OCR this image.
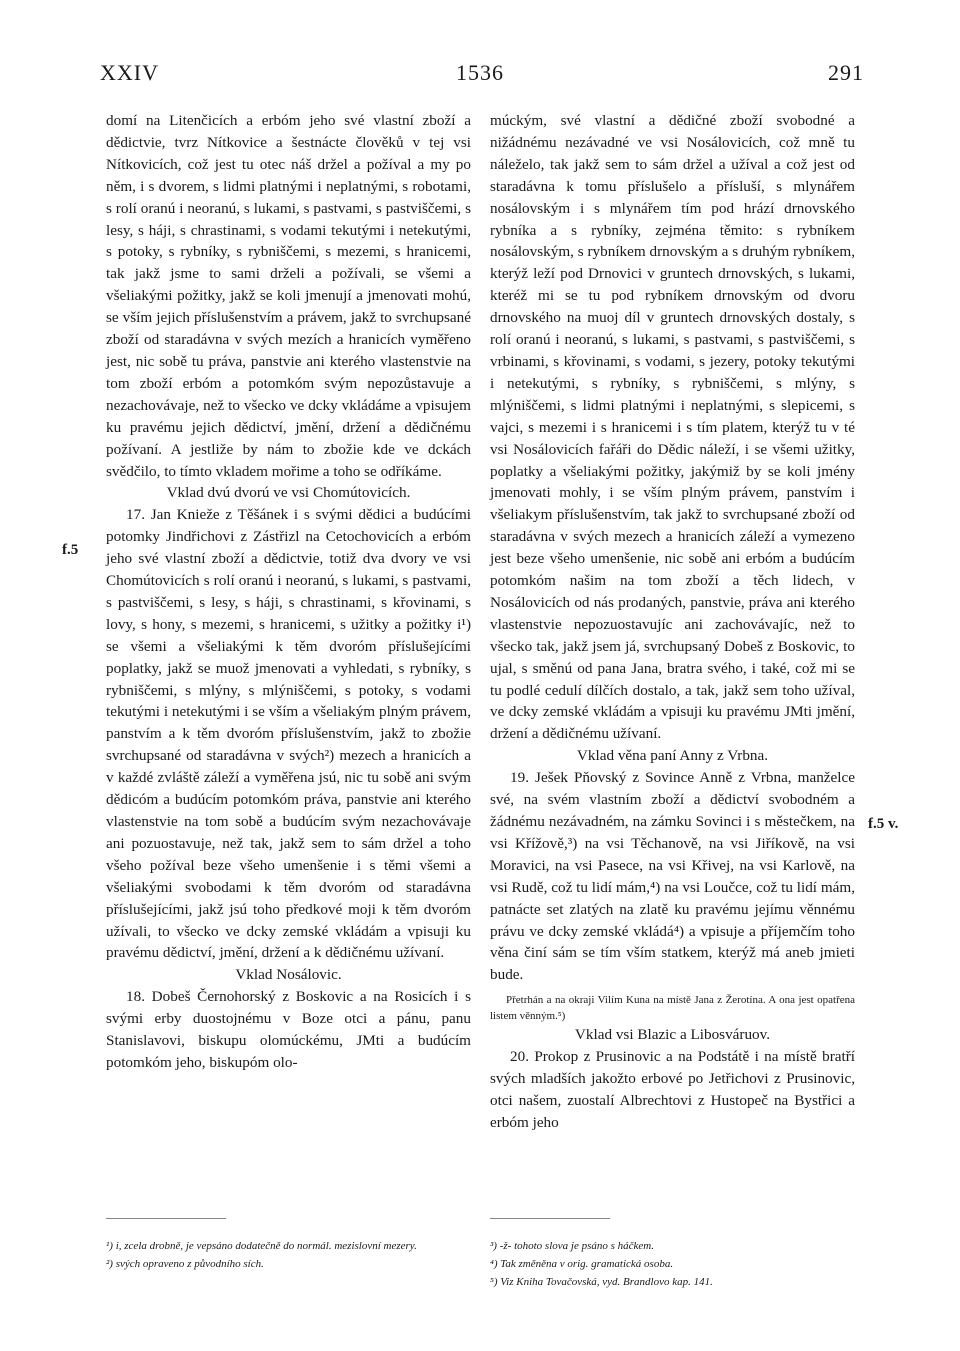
XXIV	1536	291
f.5
f.5 v.

domí na Litenčicích a erbóm jeho své vlastní zboží a dědictvie, tvrz Nítkovice a šestnácte člověků v tej vsi Nítkovicích, což jest tu otec náš držel a požíval a my po něm, i s dvorem, s lidmi platnými i neplatnými, s robotami, s rolí oranú i neoranú, s lukami, s pastvami, s pastviščemi, s lesy, s háji, s chrastinami, s vodami tekutými i netekutými, s potoky, s rybníky, s rybniščemi, s mezemi, s hranicemi, tak jakž jsme to sami drželi a požívali, se všemi a všeliakými požitky, jakž se koli jmenují a jmenovati mohú, se vším jejich příslušenstvím a právem, jakž to svrchupsané zboží od staradávna v svých mezích a hranicích vyměřeno jest, nic sobě tu práva, panstvie ani kterého vlastenstvie na tom zboží erbóm a potomkóm svým nepozůstavuje a nezachovávaje, než to všecko ve dcky vkládáme a vpisujem ku pravému jejich dědictví, jmění, držení a dědičnému požívaní. A jestliže by nám to zbožie kde ve dckách svědčilo, to tímto vkladem mořime a toho se odříkáme.

Vklad dvú dvorú ve vsi Chomútovicích.

17. Jan Knieže z Těšánek i s svými dědici a budúcími potomky Jindřichovi z Zástřizl na Cetochovicích a erbóm jeho své vlastní zboží a dědictvie, totiž dva dvory ve vsi Chomútovicích s rolí oranú i neoranú, s lukami, s pastvami, s pastviščemi, s lesy, s háji, s chrastinami, s křovinami, s lovy, s hony, s mezemi, s hranicemi, s užitky a požitky i¹) se všemi a všeliakými k těm dvoróm příslušejícími poplatky, jakž se muož jmenovati a vyhledati, s rybníky, s rybniščemi, s mlýny, s mlýniščemi, s potoky, s vodami tekutými i netekutými i se vším a všeliakým plným právem, panstvím a k těm dvoróm příslušenstvím, jakž to zbožie svrchupsané od staradávna v svých²) mezech a hranicích a v každé zvláště záleží a vyměřena jsú, nic tu sobě ani svým dědicóm a budúcím potomkóm práva, panstvie ani kterého vlastenstvie na tom sobě a budúcím svým nezachovávaje ani pozuostavuje, než tak, jakž sem to sám držel a toho všeho požíval beze všeho umenšenie i s těmi všemi a všeliakými svobodami k těm dvoróm od staradávna příslušejícími, jakž jsú toho předkové moji k těm dvoróm užívali, to všecko ve dcky zemské vkládám a vpisuji ku pravému dědictví, jmění, držení a k dědičnému užívaní.

Vklad Nosálovic.

18. Dobeš Černohorský z Boskovic a na Rosicích i s svými erby duostojnému v Boze otci a pánu, panu Stanislavovi, biskupu olomúckému, JMti a budúcím potomkóm jeho, biskupóm olo-

múckým, své vlastní a dědičné zboží svobodné a nižádnému nezávadné ve vsi Nosálovicích, což mně tu náleželo, tak jakž sem to sám držel a užíval a což jest od staradávna k tomu příslušelo a přísluší, s mlynářem nosálovským i s mlynářem tím pod hrází drnovského rybníka a s rybníky, zejména těmito: s rybníkem nosálovským, s rybníkem drnovským a s druhým rybníkem, kterýž leží pod Drnovici v gruntech drnovských, s lukami, kteréž mi se tu pod rybníkem drnovským od dvoru drnovského na muoj díl v gruntech drnovských dostaly, s rolí oranú i neoranú, s lukami, s pastvami, s pastviščemi, s vrbinami, s křovinami, s vodami, s jezery, potoky tekutými i netekutými, s rybníky, s rybniščemi, s mlýny, s mlýniščemi, s lidmi platnými i neplatnými, s slepicemi, s vajci, s mezemi i s hranicemi i s tím platem, kterýž tu v té vsi Nosálovicích fařáři do Dědic náleží, i se všemi užitky, poplatky a všeliakými požitky, jakýmiž by se koli jmény jmenovati mohly, i se vším plným právem, panstvím i všeliakym příslušenstvím, tak jakž to svrchupsané zboží od staradávna v svých mezech a hranicích záleží a vymezeno jest beze všeho umenšenie, nic sobě ani erbóm a budúcím potomkóm našim na tom zboží a těch lidech, v Nosálovicích od nás prodaných, panstvie, práva ani kterého vlastenstvie nepozuostavujíc ani zachovávajíc, než to všecko tak, jakž jsem já, svrchupsaný Dobeš z Boskovic, to ujal, s směnú od pana Jana, bratra svého, i také, což mi se tu podlé cedulí dílčích dostalo, a tak, jakž sem toho užíval, ve dcky zemské vkládám a vpisuji ku pravému JMti jmění, držení a dědičnému užívaní.

Vklad věna paní Anny z Vrbna.

19. Ješek Pňovský z Sovince Anně z Vrbna, manželce své, na svém vlastním zboží a dědictví svobodném a žádnému nezávadném, na zámku Sovinci i s městečkem, na vsi Křížově,³) na vsi Těchanově, na vsi Jiříkově, na vsi Moravici, na vsi Pasece, na vsi Křivej, na vsi Karlově, na vsi Rudě, což tu lidí mám,⁴) na vsi Loučce, což tu lidí mám, patnácte set zlatých na zlatě ku pravému jejímu věnnému právu ve dcky zemské vkládá⁴) a vpisuje a příjemčím toho věna činí sám se tím vším statkem, kterýž má aneb jmieti bude.

Přetrhán a na okraji Vilím Kuna na místě Jana z Žerotína. A ona jest opatřena listem věnným.⁵)

Vklad vsi Blazic a Libosváruov.

20. Prokop z Prusinovic a na Podstátě i na místě bratří svých mladších jakožto erbové po Jetřichovi z Prusinovic, otci našem, zuostalí Albrechtovi z Hustopeč na Bystřici a erbóm jeho

¹) i, zcela drobně, je vepsáno dodatečně do normál. mezislovní mezery.
²) svých opraveno z původního sích.
³) -ž- tohoto slova je psáno s háčkem.
⁴) Tak změněna v orig. gramatická osoba.
⁵) Viz Kniha Tovačovská, vyd. Brandlovo kap. 141.
